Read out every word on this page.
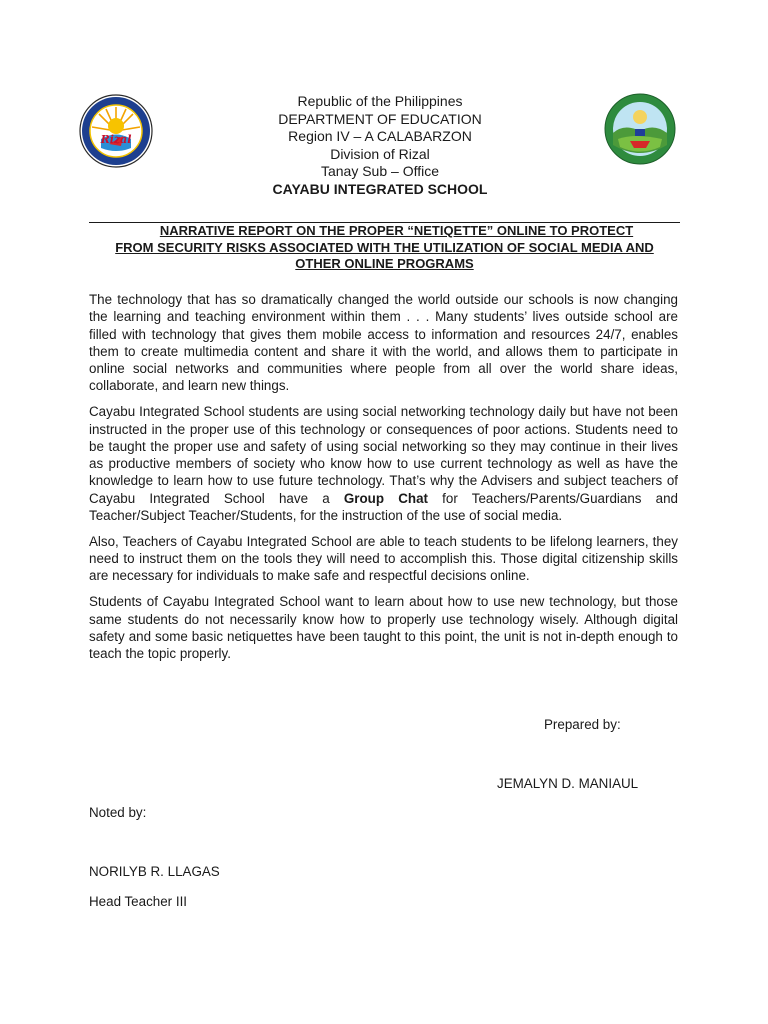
Rizal
Republic of the Philippines
DEPARTMENT OF EDUCATION
Region IV – A CALABARZON
Division of Rizal
Tanay Sub – Office
CAYABU INTEGRATED SCHOOL
NARRATIVE REPORT ON THE PROPER “NETIQETTE” ONLINE TO PROTECT
FROM SECURITY RISKS ASSOCIATED WITH THE UTILIZATION OF SOCIAL MEDIA AND
OTHER ONLINE PROGRAMS

The technology that has so dramatically changed the world outside our schools is now changing the learning and teaching environment within them . . . Many students’ lives outside school are filled with technology that gives them mobile access to information and resources 24/7, enables them to create multimedia content and share it with the world, and allows them to participate in online social networks and communities where people from all over the world share ideas, collaborate, and learn new things.

Cayabu Integrated School students are using social networking technology daily but have not been instructed in the proper use of this technology or consequences of poor actions. Students need to be taught the proper use and safety of using social networking so they may continue in their lives as productive members of society who know how to use current technology as well as have the knowledge to learn how to use future technology. That’s why the Advisers and subject teachers of Cayabu Integrated School have a Group Chat for Teachers/Parents/Guardians and Teacher/Subject Teacher/Students, for the instruction of the use of social media.

Also, Teachers of Cayabu Integrated School are able to teach students to be lifelong learners, they need to instruct them on the tools they will need to accomplish this. Those digital citizenship skills are necessary for individuals to make safe and respectful decisions online.

Students of Cayabu Integrated School want to learn about how to use new technology, but those same students do not necessarily know how to properly use technology wisely. Although digital safety and some basic netiquettes have been taught to this point, the unit is not in-depth enough to teach the topic properly.

Prepared by:
JEMALYN D. MANIAUL
Noted by:
NORILYB R. LLAGAS
Head Teacher III
